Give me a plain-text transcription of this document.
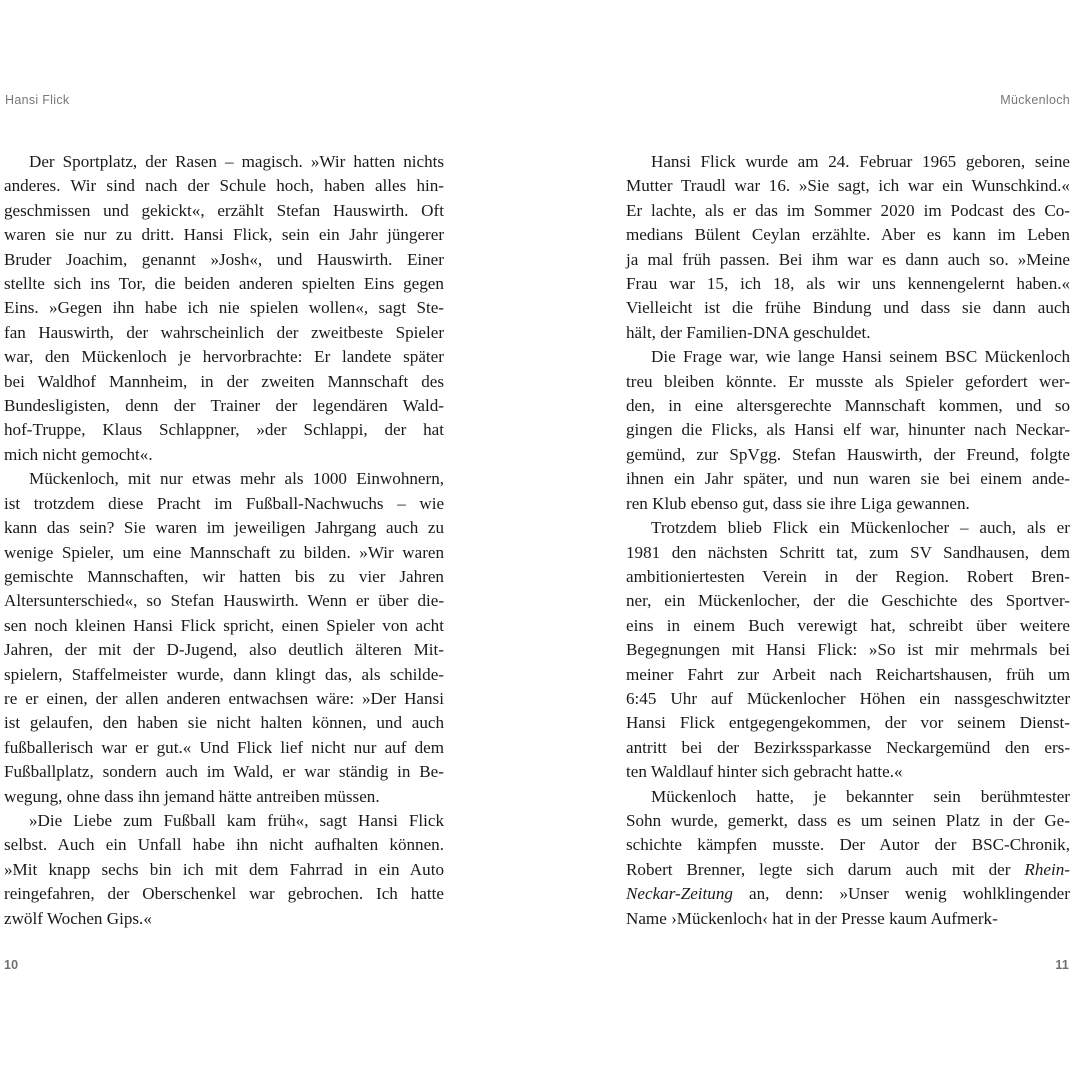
Hansi Flick	Mückenloch

Der Sportplatz, der Rasen – magisch. »Wir hatten nichts
anderes. Wir sind nach der Schule hoch, haben alles hin-
geschmissen und gekickt«, erzählt Stefan Hauswirth. Oft
waren sie nur zu dritt. Hansi Flick, sein ein Jahr jüngerer
Bruder Joachim, genannt »Josh«, und Hauswirth. Einer
stellte sich ins Tor, die beiden anderen spielten Eins gegen
Eins. »Gegen ihn habe ich nie spielen wollen«, sagt Ste-
fan Hauswirth, der wahrscheinlich der zweitbeste Spieler
war, den Mückenloch je hervorbrachte: Er landete später
bei Waldhof Mannheim, in der zweiten Mannschaft des
Bundesligisten, denn der Trainer der legendären Wald-
hof-Truppe, Klaus Schlappner, »der Schlappi, der hat
mich nicht gemocht«.

Mückenloch, mit nur etwas mehr als 1000 Einwohnern,
ist trotzdem diese Pracht im Fußball-Nachwuchs – wie
kann das sein? Sie waren im jeweiligen Jahrgang auch zu
wenige Spieler, um eine Mannschaft zu bilden. »Wir waren
gemischte Mannschaften, wir hatten bis zu vier Jahren
Altersunterschied«, so Stefan Hauswirth. Wenn er über die-
sen noch kleinen Hansi Flick spricht, einen Spieler von acht
Jahren, der mit der D-Jugend, also deutlich älteren Mit-
spielern, Staffelmeister wurde, dann klingt das, als schilde-
re er einen, der allen anderen entwachsen wäre: »Der Hansi
ist gelaufen, den haben sie nicht halten können, und auch
fußballerisch war er gut.« Und Flick lief nicht nur auf dem
Fußballplatz, sondern auch im Wald, er war ständig in Be-
wegung, ohne dass ihn jemand hätte antreiben müssen.

»Die Liebe zum Fußball kam früh«, sagt Hansi Flick
selbst. Auch ein Unfall habe ihn nicht aufhalten können.
»Mit knapp sechs bin ich mit dem Fahrrad in ein Auto
reingefahren, der Oberschenkel war gebrochen. Ich hatte
zwölf Wochen Gips.«

Hansi Flick wurde am 24. Februar 1965 geboren, seine
Mutter Traudl war 16. »Sie sagt, ich war ein Wunschkind.«
Er lachte, als er das im Sommer 2020 im Podcast des Co-
medians Bülent Ceylan erzählte. Aber es kann im Leben
ja mal früh passen. Bei ihm war es dann auch so. »Meine
Frau war 15, ich 18, als wir uns kennengelernt haben.«
Vielleicht ist die frühe Bindung und dass sie dann auch
hält, der Familien-DNA geschuldet.

Die Frage war, wie lange Hansi seinem BSC Mückenloch
treu bleiben könnte. Er musste als Spieler gefordert wer-
den, in eine altersgerechte Mannschaft kommen, und so
gingen die Flicks, als Hansi elf war, hinunter nach Neckar-
gemünd, zur SpVgg. Stefan Hauswirth, der Freund, folgte
ihnen ein Jahr später, und nun waren sie bei einem ande-
ren Klub ebenso gut, dass sie ihre Liga gewannen.

Trotzdem blieb Flick ein Mückenlocher – auch, als er
1981 den nächsten Schritt tat, zum SV Sandhausen, dem
ambitioniertesten Verein in der Region. Robert Bren-
ner, ein Mückenlocher, der die Geschichte des Sportver-
eins in einem Buch verewigt hat, schreibt über weitere
Begegnungen mit Hansi Flick: »So ist mir mehrmals bei
meiner Fahrt zur Arbeit nach Reichartshausen, früh um
6:45 Uhr auf Mückenlocher Höhen ein nassgeschwitzter
Hansi Flick entgegengekommen, der vor seinem Dienst-
antritt bei der Bezirkssparkasse Neckargemünd den ers-
ten Waldlauf hinter sich gebracht hatte.«

Mückenloch hatte, je bekannter sein berühmtester
Sohn wurde, gemerkt, dass es um seinen Platz in der Ge-
schichte kämpfen musste. Der Autor der BSC-Chronik,
Robert Brenner, legte sich darum auch mit der Rhein-
Neckar-Zeitung an, denn: »Unser wenig wohlklingender
Name ›Mückenloch‹ hat in der Presse kaum Aufmerk-

10	11
